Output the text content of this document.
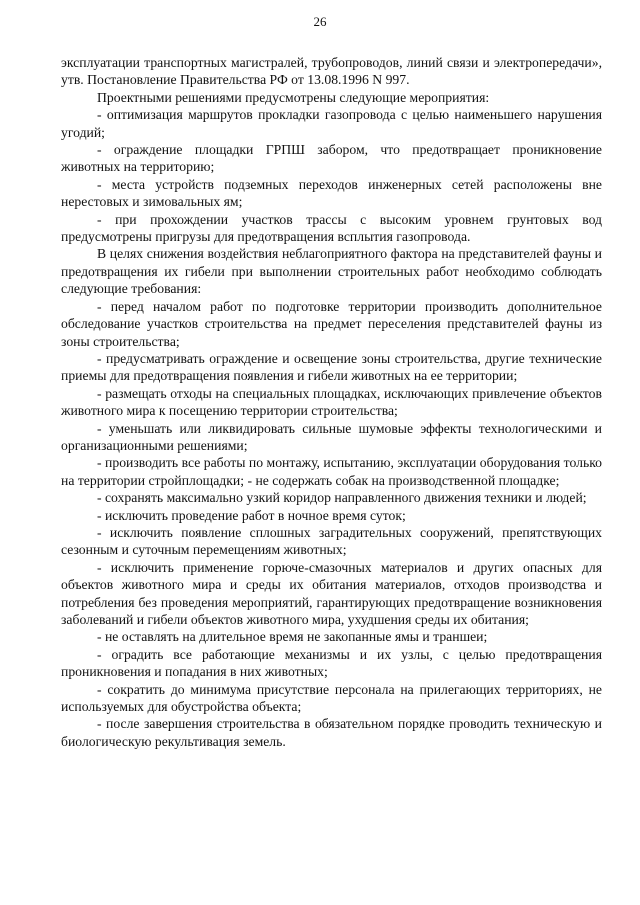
26

эксплуатации транспортных магистралей, трубопроводов, линий связи и электропередачи», утв. Постановление Правительства РФ от 13.08.1996 N 997.

Проектными решениями предусмотрены следующие мероприятия:

- оптимизация маршрутов прокладки газопровода с целью наименьшего нарушения угодий;

- ограждение площадки ГРПШ забором, что предотвращает проникновение животных на территорию;

- места устройств подземных переходов инженерных сетей расположены вне нерестовых и зимовальных ям;

- при прохождении участков трассы с высоким уровнем грунтовых вод предусмотрены пригрузы для предотвращения всплытия газопровода.

В целях снижения воздействия неблагоприятного фактора на представителей фауны и предотвращения их гибели при выполнении строительных работ необходимо соблюдать следующие требования:

- перед началом работ по подготовке территории производить дополнительное обследование участков строительства на предмет переселения представителей фауны из зоны строительства;

- предусматривать ограждение и освещение зоны строительства, другие технические приемы для предотвращения появления и гибели животных на ее территории;

- размещать отходы на специальных площадках, исключающих привлечение объектов животного мира к посещению территории строительства;

- уменьшать или ликвидировать сильные шумовые эффекты технологическими и организационными решениями;

- производить все работы по монтажу, испытанию, эксплуатации оборудования только на территории стройплощадки; - не содержать собак на производственной площадке;

- сохранять максимально узкий коридор направленного движения техники и людей;

- исключить проведение работ в ночное время суток;

- исключить появление сплошных заградительных сооружений, препятствующих сезонным и суточным перемещениям животных;

- исключить применение горюче-смазочных материалов и других опасных для объектов животного мира и среды их обитания материалов, отходов производства и потребления без проведения мероприятий, гарантирующих предотвращение возникновения заболеваний и гибели объектов животного мира, ухудшения среды их обитания;

- не оставлять на длительное время не закопанные ямы и траншеи;

- оградить все работающие механизмы и их узлы, с целью предотвращения проникновения и попадания в них животных;

- сократить до минимума присутствие персонала на прилегающих территориях, не используемых для обустройства объекта;

- после завершения строительства в обязательном порядке проводить техническую и биологическую рекультивация земель.
